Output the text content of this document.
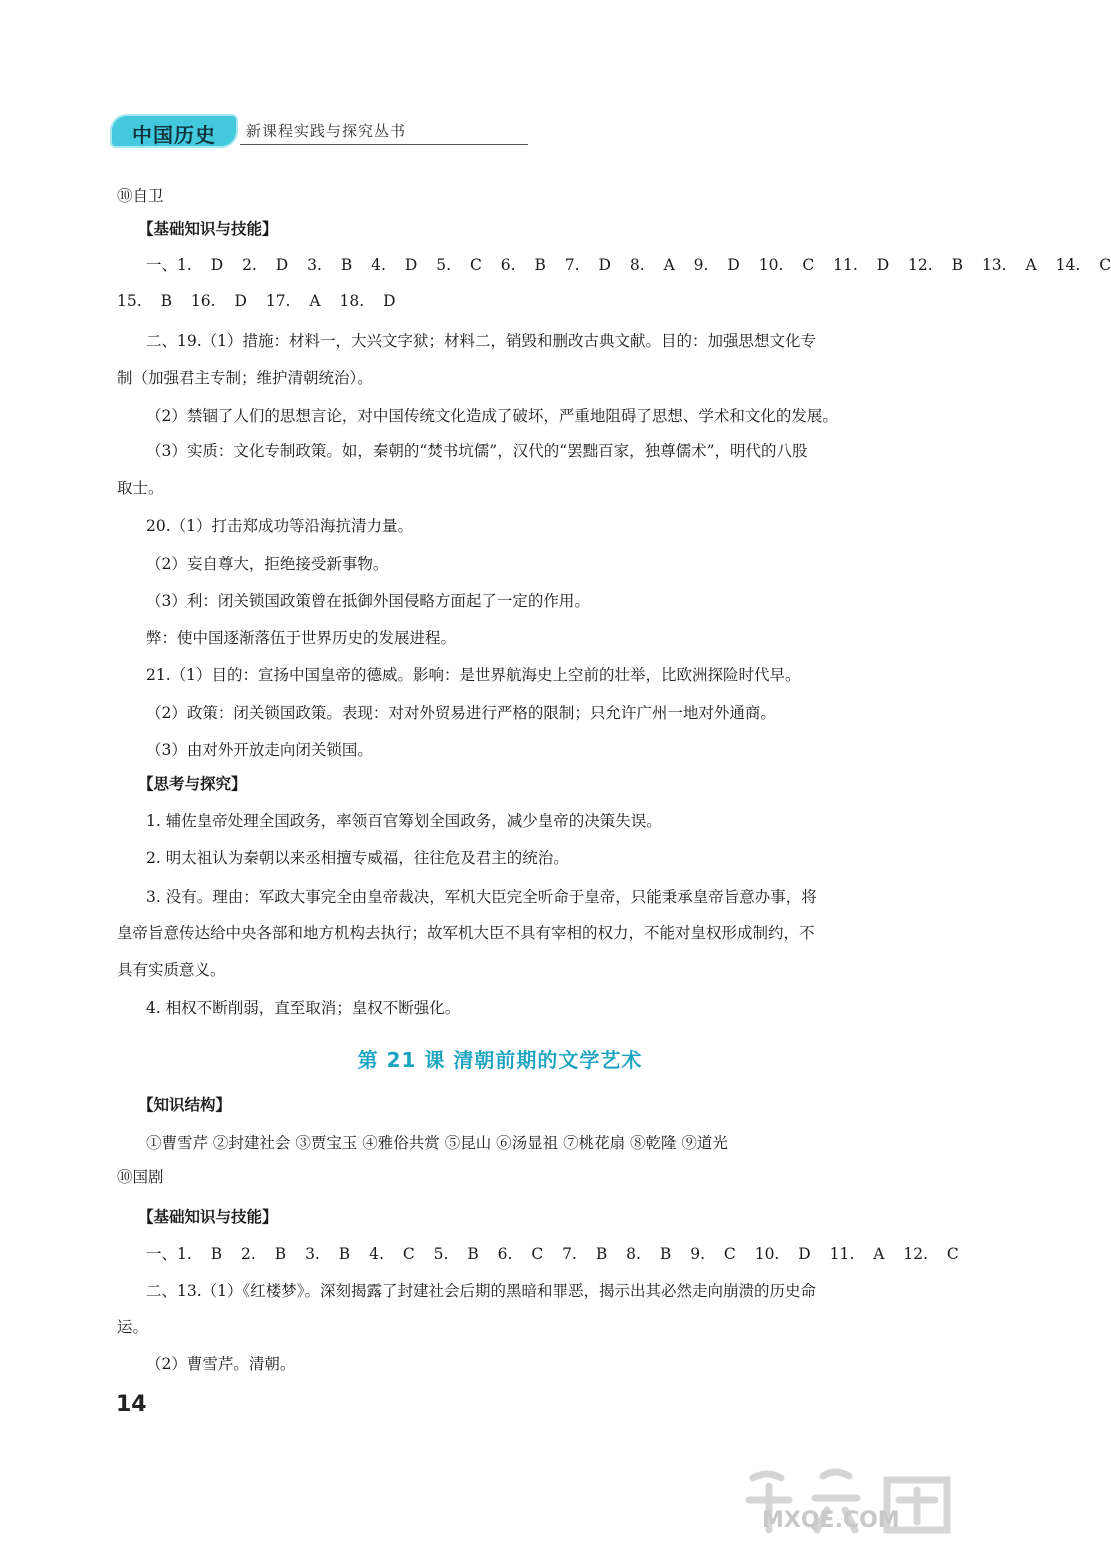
中国历史	新课程实践与探究丛书
⑩自卫
【基础知识与技能】
一、1. D 2. D 3. B 4. D 5. C 6. B 7. D 8. A 9. D 10. C 11. D 12. B 13. A 14. C
15. B 16. D 17. A 18. D
二、19.（1）措施：材料一，大兴文字狱；材料二，销毁和删改古典文献。目的：加强思想文化专
制（加强君主专制；维护清朝统治）。
（2）禁锢了人们的思想言论，对中国传统文化造成了破坏，严重地阻碍了思想、学术和文化的发展。
（3）实质：文化专制政策。如，秦朝的“焚书坑儒”，汉代的“罢黜百家，独尊儒术”，明代的八股
取士。
20.（1）打击郑成功等沿海抗清力量。
（2）妄自尊大，拒绝接受新事物。
（3）利：闭关锁国政策曾在抵御外国侵略方面起了一定的作用。
弊：使中国逐渐落伍于世界历史的发展进程。
21.（1）目的：宣扬中国皇帝的德威。影响：是世界航海史上空前的壮举，比欧洲探险时代早。
（2）政策：闭关锁国政策。表现：对对外贸易进行严格的限制；只允许广州一地对外通商。
（3）由对外开放走向闭关锁国。
【思考与探究】
1. 辅佐皇帝处理全国政务，率领百官筹划全国政务，减少皇帝的决策失误。
2. 明太祖认为秦朝以来丞相擅专威福，往往危及君主的统治。
3. 没有。理由：军政大事完全由皇帝裁决，军机大臣完全听命于皇帝，只能秉承皇帝旨意办事，将
皇帝旨意传达给中央各部和地方机构去执行；故军机大臣不具有宰相的权力，不能对皇权形成制约，不
具有实质意义。
4. 相权不断削弱，直至取消；皇权不断强化。
第 21 课 清朝前期的文学艺术
【知识结构】
①曹雪芹 ②封建社会 ③贾宝玉 ④雅俗共赏 ⑤昆山 ⑥汤显祖 ⑦桃花扇 ⑧乾隆 ⑨道光
⑩国剧
【基础知识与技能】
一、1. B 2. B 3. B 4. C 5. B 6. C 7. B 8. B 9. C 10. D 11. A 12. C
二、13.（1）《红楼梦》。深刻揭露了封建社会后期的黑暗和罪恶，揭示出其必然走向崩溃的历史命
运。
（2）曹雪芹。清朝。
14
MXQE.COM
